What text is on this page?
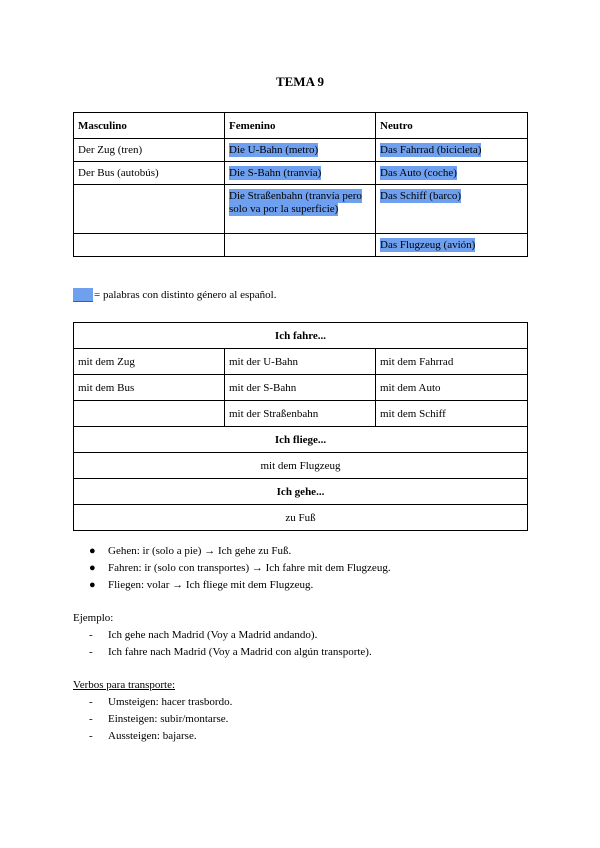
TEMA 9
Masculino	Femenino	Neutro
Der Zug (tren)	Die U-Bahn (metro)	Das Fahrrad (bicicleta)
Der Bus (autobús)	Die S-Bahn (tranvía)	Das Auto (coche)
	Die Straßenbahn (tranvía pero solo va por la superficie)	Das Schiff (barco)
		Das Flugzeug (avión)
= palabras con distinto género al español.
Ich fahre...		
mit dem Zug	mit der U-Bahn	mit dem Fahrrad
mit dem Bus	mit der S-Bahn	mit dem Auto
	mit der Straßenbahn	mit dem Schiff
Ich fliege...		
mit dem Flugzeug		
Ich gehe...		
zu Fuß		
● Gehen: ir (solo a pie) → Ich gehe zu Fuß.
● Fahren: ir (solo con transportes) → Ich fahre mit dem Flugzeug.
● Fliegen: volar → Ich fliege mit dem Flugzeug.
Ejemplo:
- Ich gehe nach Madrid (Voy a Madrid andando).
- Ich fahre nach Madrid (Voy a Madrid con algún transporte).
Verbos para transporte:
- Umsteigen: hacer trasbordo.
- Einsteigen: subir/montarse.
- Aussteigen: bajarse.
